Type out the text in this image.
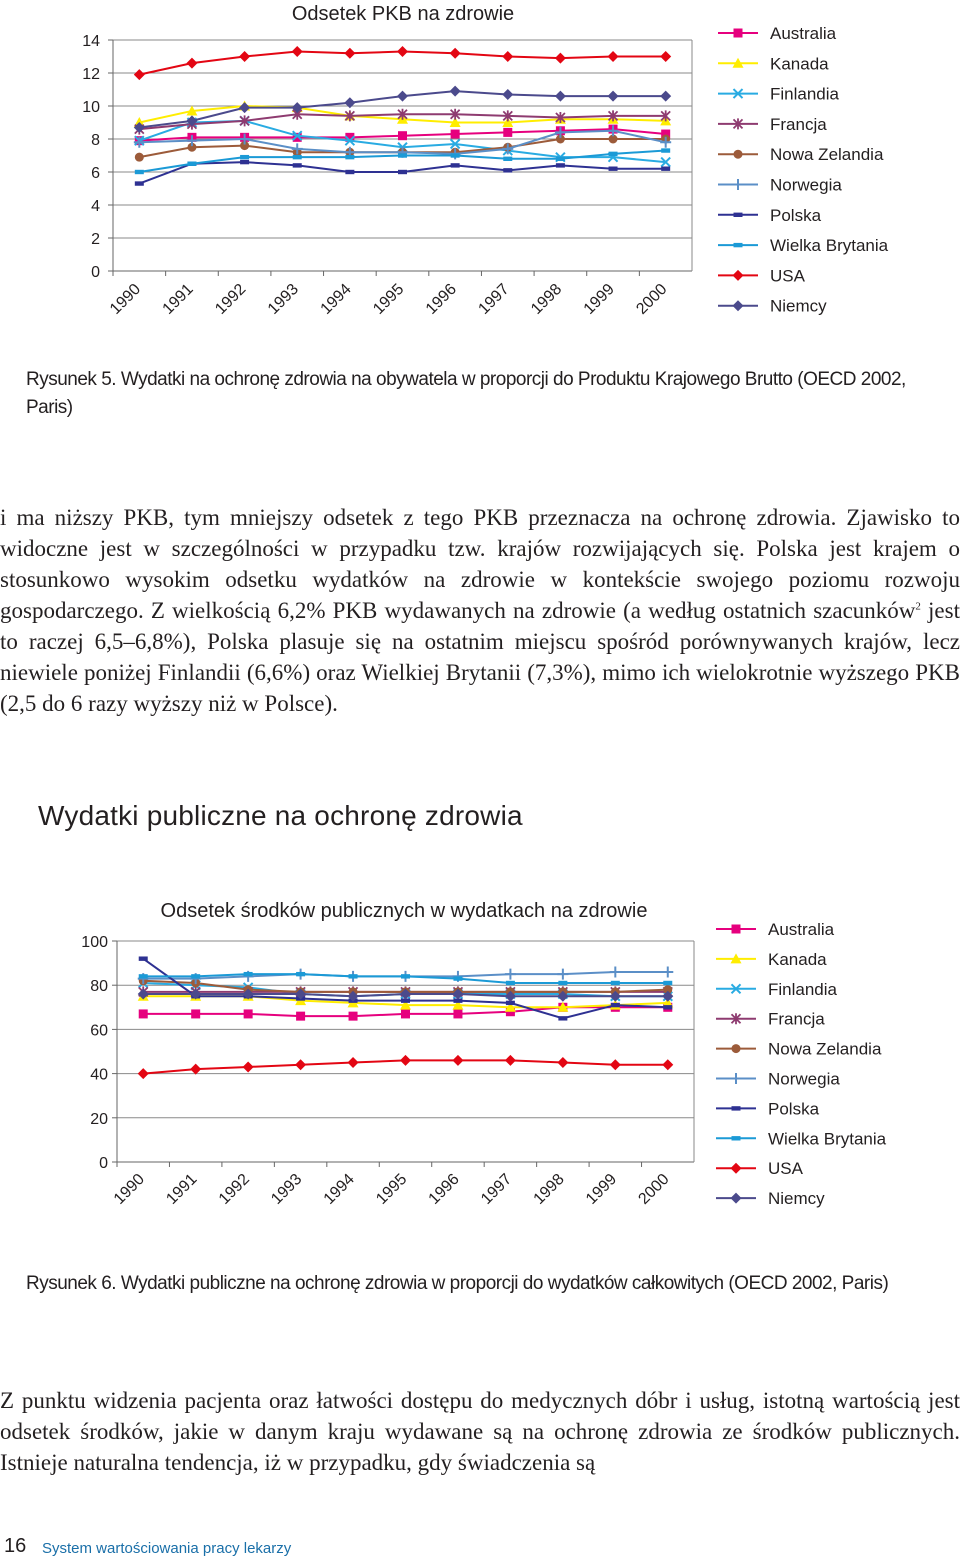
Odsetek PKB na zdrowie
14
12
10
8
6
4
2
0
1990 1991 1992 1993 1994 1995 1996 1997 1998 1999 2000
Australia
Kanada
Finlandia
Francja
Nowa Zelandia
Norwegia
Polska
Wielka Brytania
USA
Niemcy
Rysunek 5. Wydatki na ochronę zdrowia na obywatela w proporcji do Produktu Krajowego Brutto (OECD 2002, Paris)
i ma niższy PKB, tym mniejszy odsetek z tego PKB przeznacza na ochronę zdrowia. Zjawisko to widoczne jest w szczególności w przypadku tzw. krajów rozwijających się. Polska jest krajem o stosunkowo wysokim odsetku wydatków na zdrowie w kontekście swojego poziomu rozwoju gospodarczego. Z wielkością 6,2% PKB wydawanych na zdrowie (a według ostatnich szacunków$^2$ jest to raczej 6,5–6,8%), Polska plasuje się na ostatnim miejscu spośród porównywanych krajów, lecz niewiele poniżej Finlandii (6,6%) oraz Wielkiej Brytanii (7,3%), mimo ich wielokrotnie wyższego PKB (2,5 do 6 razy wyższy niż w Polsce).
Wydatki publiczne na ochronę zdrowia
Odsetek środków publicznych w wydatkach na zdrowie
100
80
60
40
20
0
1990 1991 1992 1993 1994 1995 1996 1997 1998 1999 2000
Australia
Kanada
Finlandia
Francja
Nowa Zelandia
Norwegia
Polska
Wielka Brytania
USA
Niemcy
Rysunek 6. Wydatki publiczne na ochronę zdrowia w proporcji do wydatków całkowitych (OECD 2002, Paris)
Z punktu widzenia pacjenta oraz łatwości dostępu do medycznych dóbr i usług, istotną wartością jest odsetek środków, jakie w danym kraju wydawane są na ochronę zdrowia ze środków publicznych. Istnieje naturalna tendencja, iż w przypadku, gdy świadczenia są
16 System wartościowania pracy lekarzy
